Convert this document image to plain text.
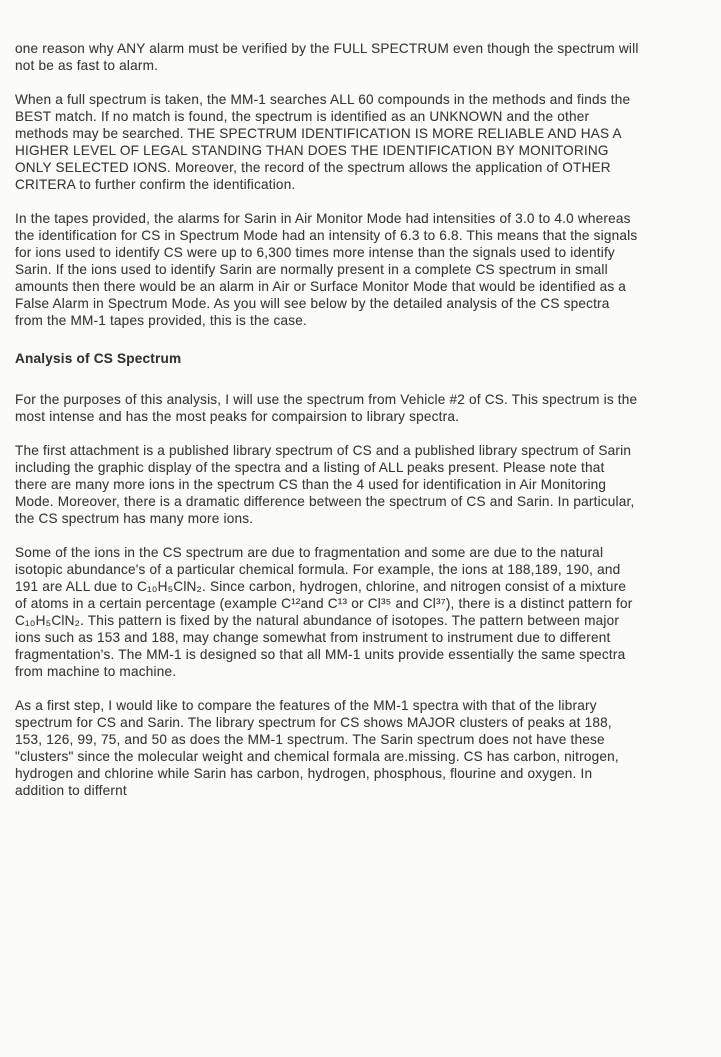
one reason why ANY alarm must be verified by the FULL SPECTRUM even though the spectrum will not be as fast to alarm.

When a full spectrum is taken, the MM-1 searches ALL 60 compounds in the methods and finds the BEST match. If no match is found, the spectrum is identified as an UNKNOWN and the other methods may be searched. THE SPECTRUM IDENTIFICATION IS MORE RELIABLE AND HAS A HIGHER LEVEL OF LEGAL STANDING THAN DOES THE IDENTIFICATION BY MONITORING ONLY SELECTED IONS. Moreover, the record of the spectrum allows the application of OTHER CRITERA to further confirm the identification.

In the tapes provided, the alarms for Sarin in Air Monitor Mode had intensities of 3.0 to 4.0 whereas the identification for CS in Spectrum Mode had an intensity of 6.3 to 6.8. This means that the signals for ions used to identify CS were up to 6,300 times more intense than the signals used to identify Sarin. If the ions used to identify Sarin are normally present in a complete CS spectrum in small amounts then there would be an alarm in Air or Surface Monitor Mode that would be identified as a False Alarm in Spectrum Mode. As you will see below by the detailed analysis of the CS spectra from the MM-1 tapes provided, this is the case.

Analysis of CS Spectrum

For the purposes of this analysis, I will use the spectrum from Vehicle #2 of CS. This spectrum is the most intense and has the most peaks for compairsion to library spectra.

The first attachment is a published library spectrum of CS and a published library spectrum of Sarin including the graphic display of the spectra and a listing of ALL peaks present. Please note that there are many more ions in the spectrum CS than the 4 used for identification in Air Monitoring Mode. Moreover, there is a dramatic difference between the spectrum of CS and Sarin. In particular, the CS spectrum has many more ions.

Some of the ions in the CS spectrum are due to fragmentation and some are due to the natural isotopic abundance's of a particular chemical formula. For example, the ions at 188,189, 190, and 191 are ALL due to C₁₀H₅ClN₂. Since carbon, hydrogen, chlorine, and nitrogen consist of a mixture of atoms in a certain percentage (example C¹²and C¹³ or Cl³⁵ and Cl³⁷), there is a distinct pattern for C₁₀H₅ClN₂. This pattern is fixed by the natural abundance of isotopes. The pattern between major ions such as 153 and 188, may change somewhat from instrument to instrument due to different fragmentation's. The MM-1 is designed so that all MM-1 units provide essentially the same spectra from machine to machine.

As a first step, I would like to compare the features of the MM-1 spectra with that of the library spectrum for CS and Sarin. The library spectrum for CS shows MAJOR clusters of peaks at 188, 153, 126, 99, 75, and 50 as does the MM-1 spectrum. The Sarin spectrum does not have these "clusters" since the molecular weight and chemical formala are.missing. CS has carbon, nitrogen, hydrogen and chlorine while Sarin has carbon, hydrogen, phosphous, flourine and oxygen. In addition to differnt
